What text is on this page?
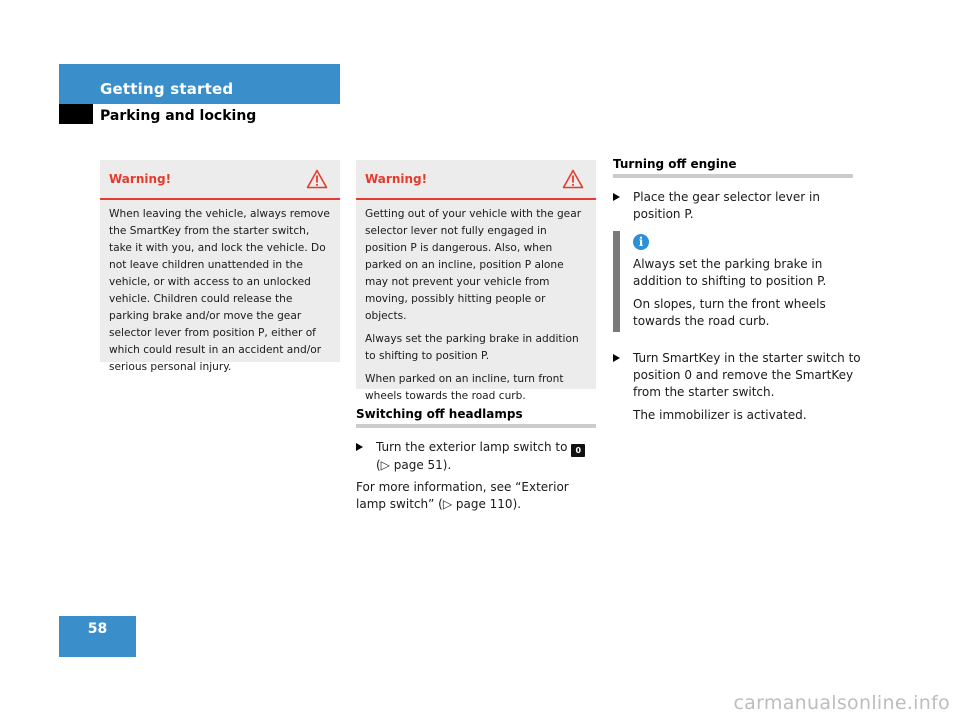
Getting started
Parking and locking
Warning!

When leaving the vehicle, always remove the SmartKey from the starter switch, take it with you, and lock the vehicle. Do not leave children unattended in the vehicle, or with access to an unlocked vehicle. Children could release the parking brake and/or move the gear selector lever from position P, either of which could result in an accident and/or serious personal injury.

Warning!

Getting out of your vehicle with the gear selector lever not fully engaged in position P is dangerous. Also, when parked on an incline, position P alone may not prevent your vehicle from moving, possibly hitting people or objects.

Always set the parking brake in addition to shifting to position P.

When parked on an incline, turn front wheels towards the road curb.

Switching off headlamps
Turn the exterior lamp switch to 0
(▷ page 51).
For more information, see “Exterior lamp switch” (▷ page 110).
Turning off engine
Place the gear selector lever in position P.
i
Always set the parking brake in addition to shifting to position P.
On slopes, turn the front wheels towards the road curb.
Turn SmartKey in the starter switch to position 0 and remove the SmartKey from the starter switch.
The immobilizer is activated.
58
carmanualsonline.info
